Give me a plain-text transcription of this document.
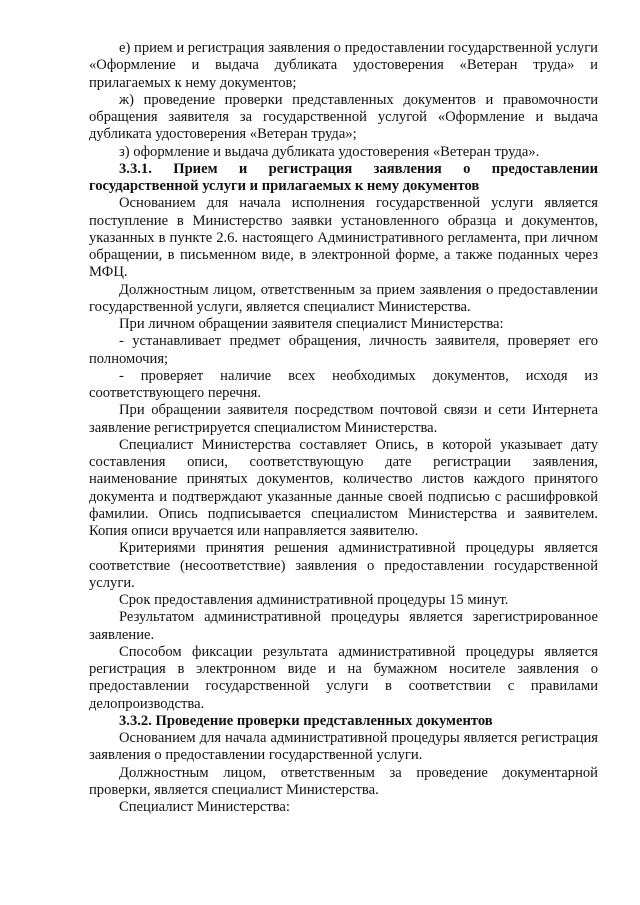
е) прием и регистрация заявления о предоставлении государственной услуги «Оформление и выдача дубликата удостоверения «Ветеран труда» и прилагаемых к нему документов;

ж) проведение проверки представленных документов и правомочности обращения заявителя за государственной услугой «Оформление и выдача дубликата удостоверения «Ветеран труда»;

з) оформление и выдача дубликата удостоверения «Ветеран труда».

3.3.1. Прием и регистрация заявления о предоставлении государственной услуги и прилагаемых к нему документов

Основанием для начала исполнения государственной услуги является поступление в Министерство заявки установленного образца и документов, указанных в пункте 2.6. настоящего Административного регламента, при личном обращении, в письменном виде, в электронной форме, а также поданных через МФЦ.

Должностным лицом, ответственным за прием заявления о предоставлении государственной услуги, является специалист Министерства.

При личном обращении заявителя специалист Министерства:

- устанавливает предмет обращения, личность заявителя, проверяет его полномочия;

- проверяет наличие всех необходимых документов, исходя из соответствующего перечня.

При обращении заявителя посредством почтовой связи и сети Интернета заявление регистрируется специалистом Министерства.

Специалист Министерства составляет Опись, в которой указывает дату составления описи, соответствующую дате регистрации заявления, наименование принятых документов, количество листов каждого принятого документа и подтверждают указанные данные своей подписью с расшифровкой фамилии. Опись подписывается специалистом Министерства и заявителем. Копия описи вручается или направляется заявителю.

Критериями принятия решения административной процедуры является соответствие (несоответствие) заявления о предоставлении государственной услуги.

Срок предоставления административной процедуры 15 минут.

Результатом административной процедуры является зарегистрированное заявление.

Способом фиксации результата административной процедуры является регистрация в электронном виде и на бумажном носителе заявления о предоставлении государственной услуги в соответствии с правилами делопроизводства.

3.3.2. Проведение проверки представленных документов

Основанием для начала административной процедуры является регистрация заявления о предоставлении государственной услуги.

Должностным лицом, ответственным за проведение документарной проверки, является специалист Министерства.

Специалист Министерства:
